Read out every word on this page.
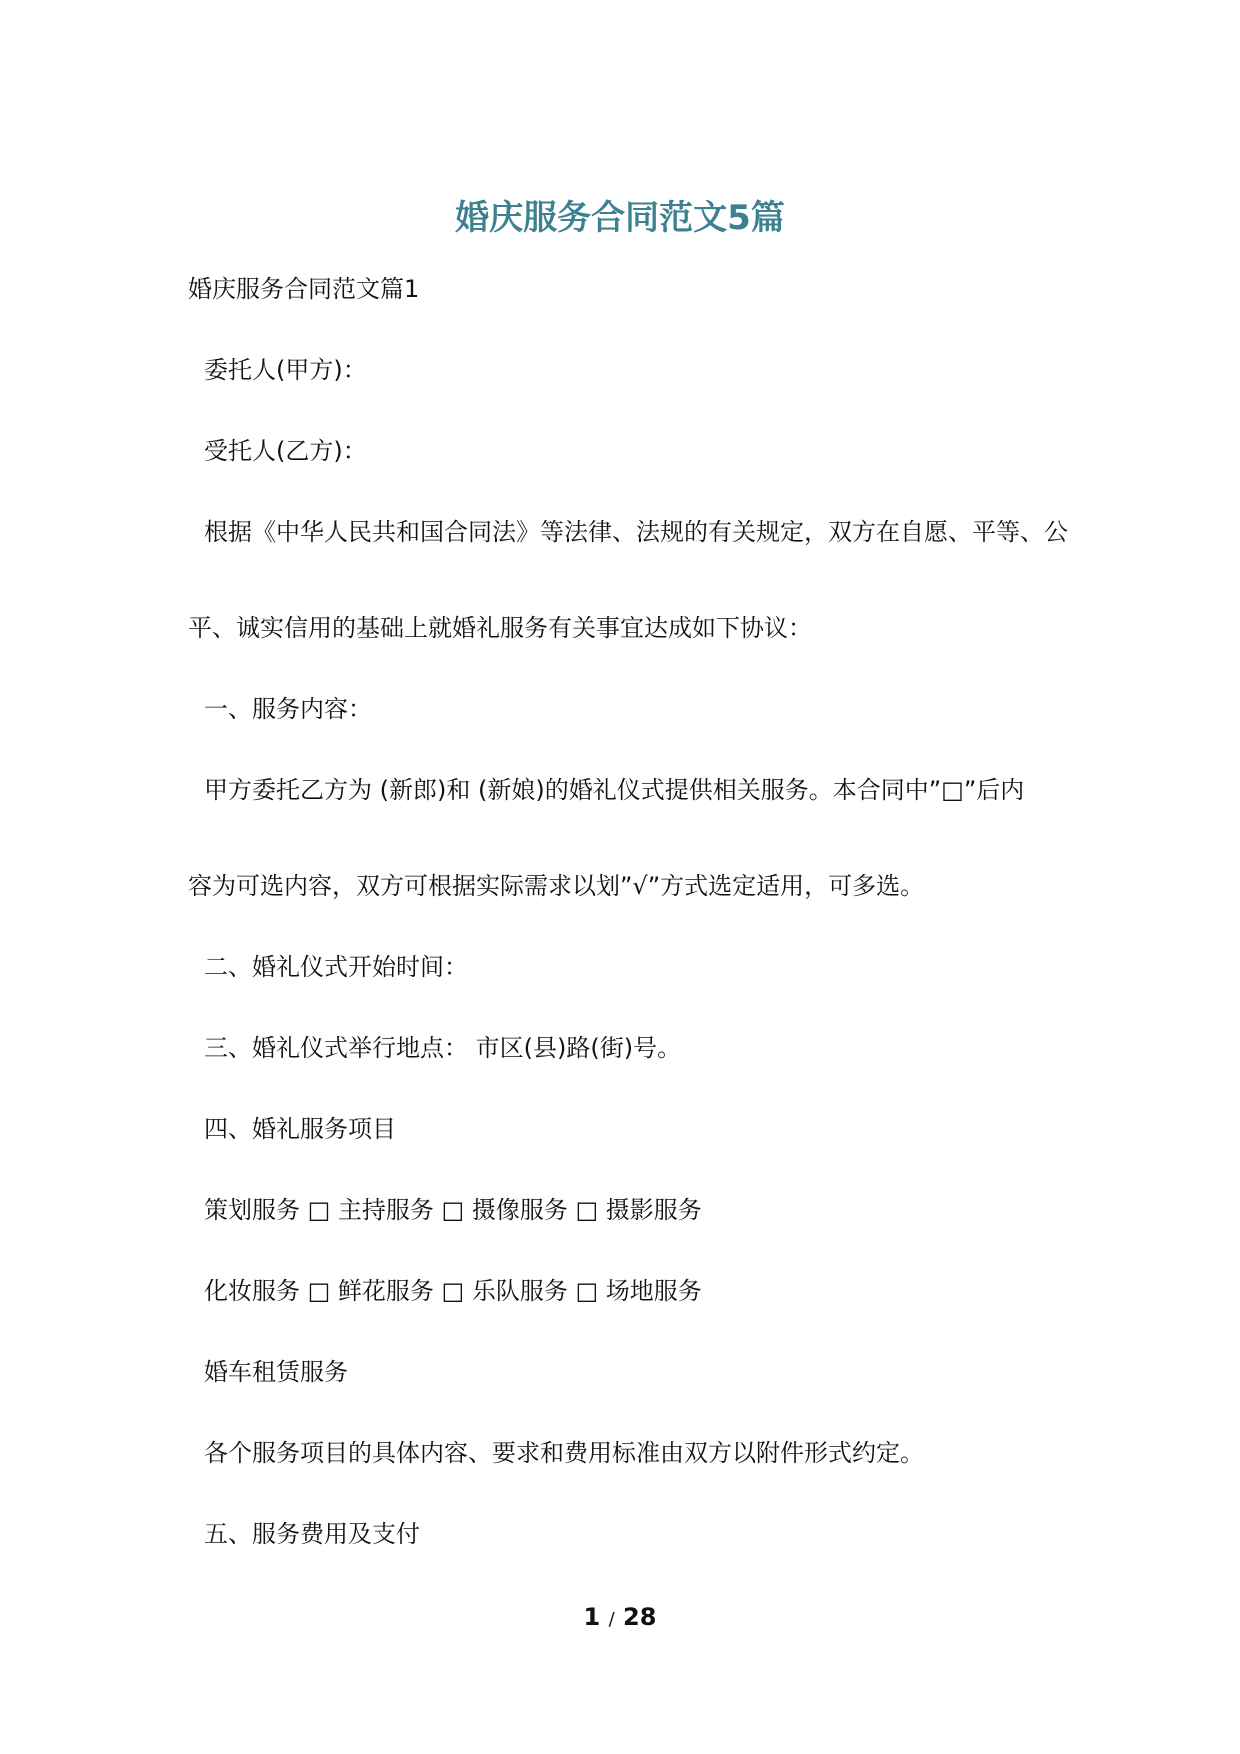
婚庆服务合同范文5篇
婚庆服务合同范文篇1
委托人(甲方)：
受托人(乙方)：
根据《中华人民共和国合同法》等法律、法规的有关规定，双方在自愿、平等、公
平、诚实信用的基础上就婚礼服务有关事宜达成如下协议：
一、服务内容：
甲方委托乙方为 (新郎)和 (新娘)的婚礼仪式提供相关服务。本合同中”□”后内
容为可选内容，双方可根据实际需求以划”√”方式选定适用，可多选。
二、婚礼仪式开始时间：
三、婚礼仪式举行地点： 市区(县)路(街)号。
四、婚礼服务项目
策划服务 □ 主持服务 □ 摄像服务 □ 摄影服务
化妆服务 □ 鲜花服务 □ 乐队服务 □ 场地服务
婚车租赁服务
各个服务项目的具体内容、要求和费用标准由双方以附件形式约定。
五、服务费用及支付
1 / 28
